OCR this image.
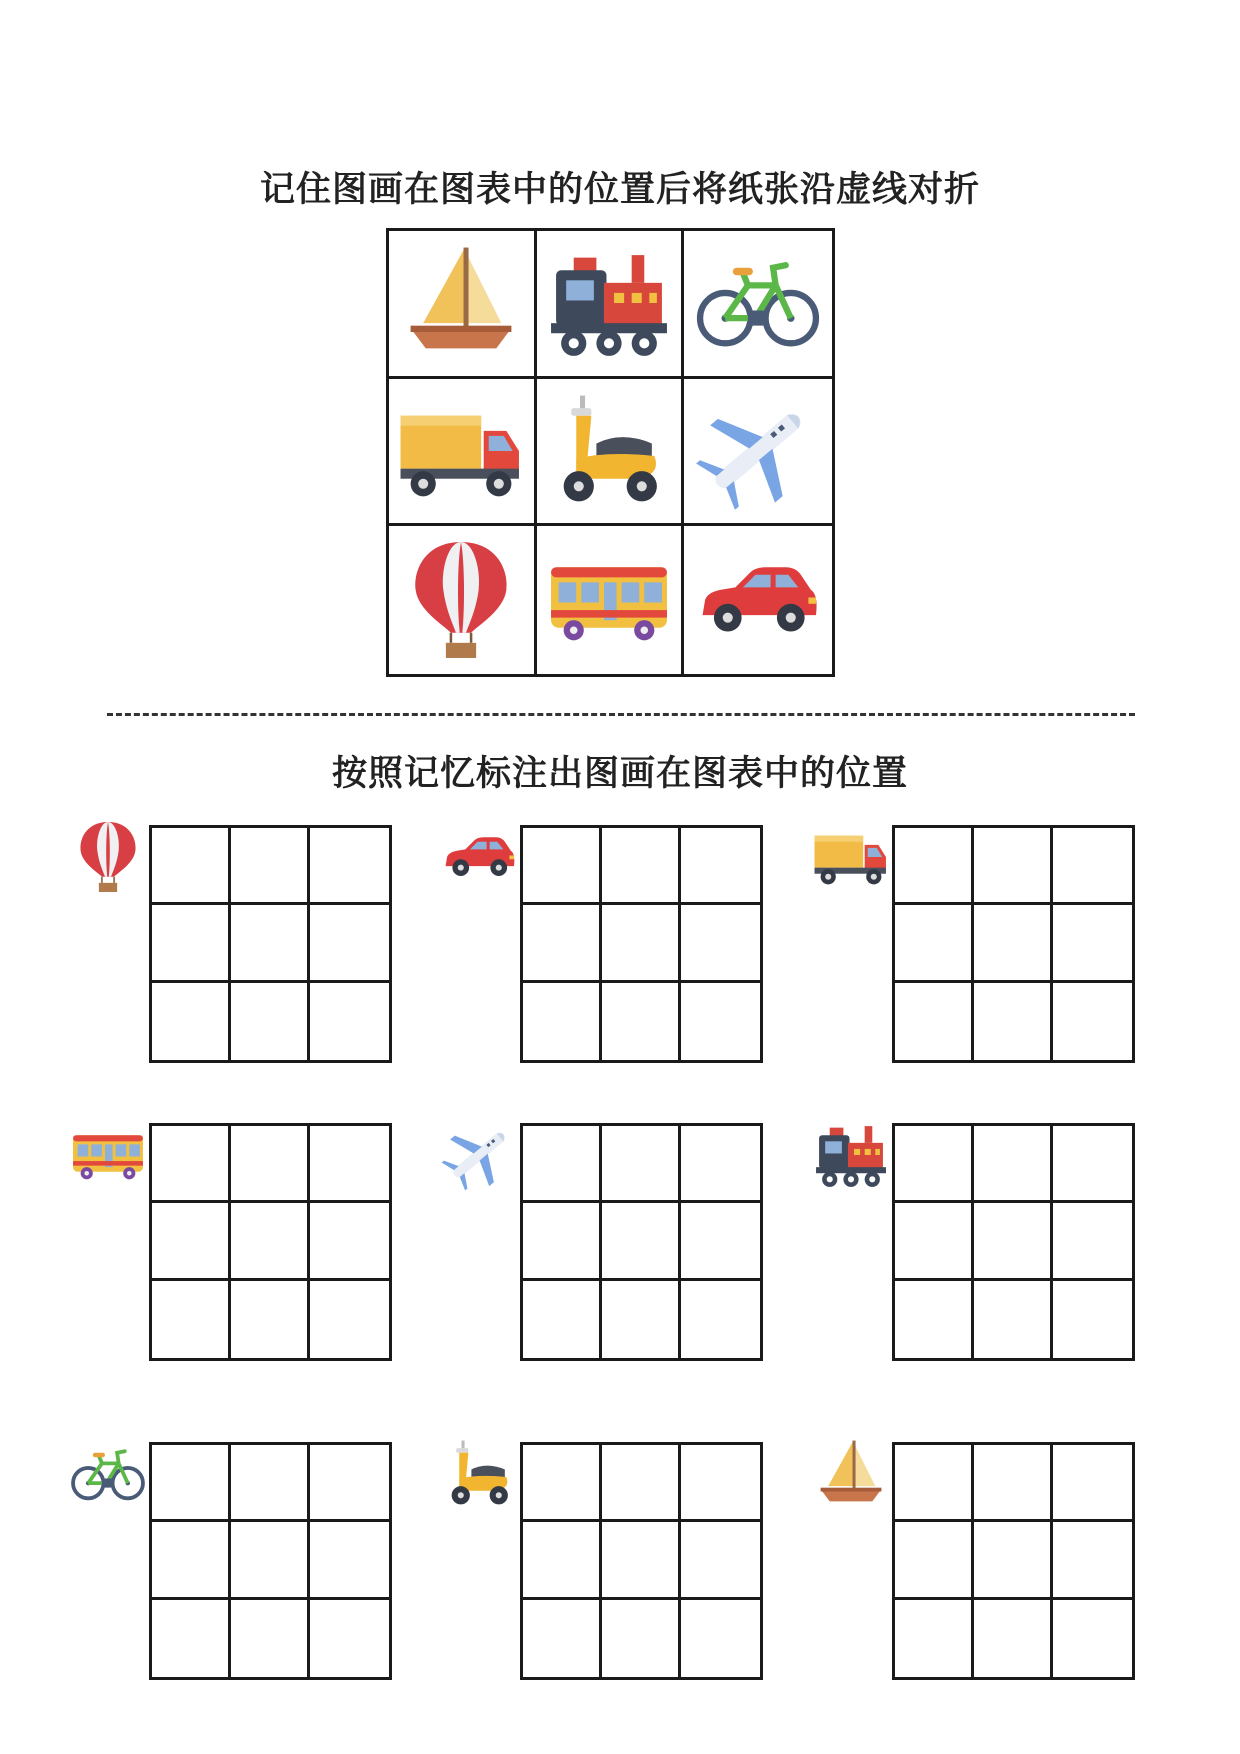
记住图画在图表中的位置后将纸张沿虚线对折
按照记忆标注出图画在图表中的位置
